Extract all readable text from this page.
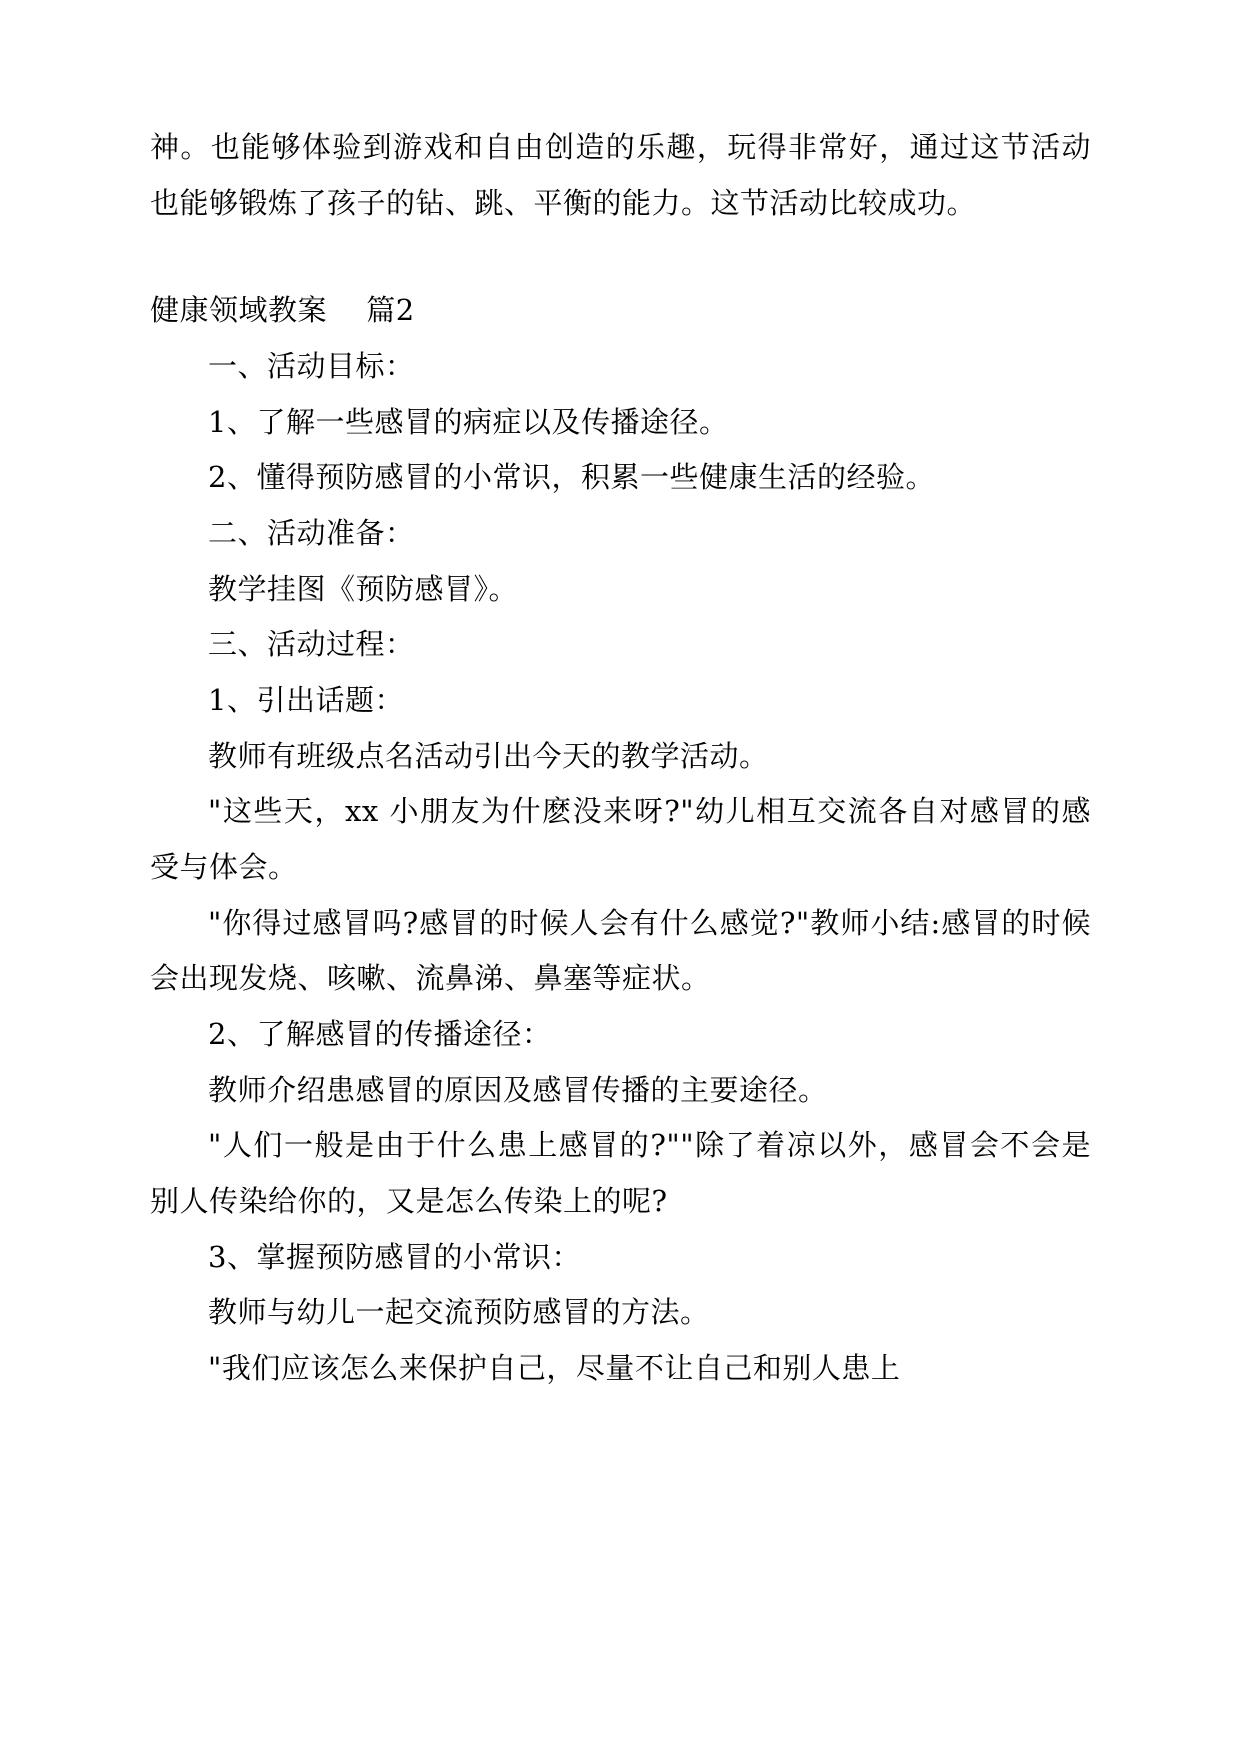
神。也能够体验到游戏和自由创造的乐趣，玩得非常好，通过这节活动也能够锻炼了孩子的钻、跳、平衡的能力。这节活动比较成功。

健康领域教案 　篇2

一、活动目标：

1、了解一些感冒的病症以及传播途径。

2、懂得预防感冒的小常识，积累一些健康生活的经验。

二、活动准备：

教学挂图《预防感冒》。

三、活动过程：

1、引出话题：

教师有班级点名活动引出今天的教学活动。

"这些天，xx 小朋友为什麽没来呀?"幼儿相互交流各自对感冒的感受与体会。

"你得过感冒吗?感冒的时候人会有什么感觉?"教师小结:感冒的时候会出现发烧、咳嗽、流鼻涕、鼻塞等症状。

2、了解感冒的传播途径：

教师介绍患感冒的原因及感冒传播的主要途径。

"人们一般是由于什么患上感冒的?""除了着凉以外，感冒会不会是别人传染给你的，又是怎么传染上的呢?

3、掌握预防感冒的小常识：

教师与幼儿一起交流预防感冒的方法。

"我们应该怎么来保护自己，尽量不让自己和别人患上
